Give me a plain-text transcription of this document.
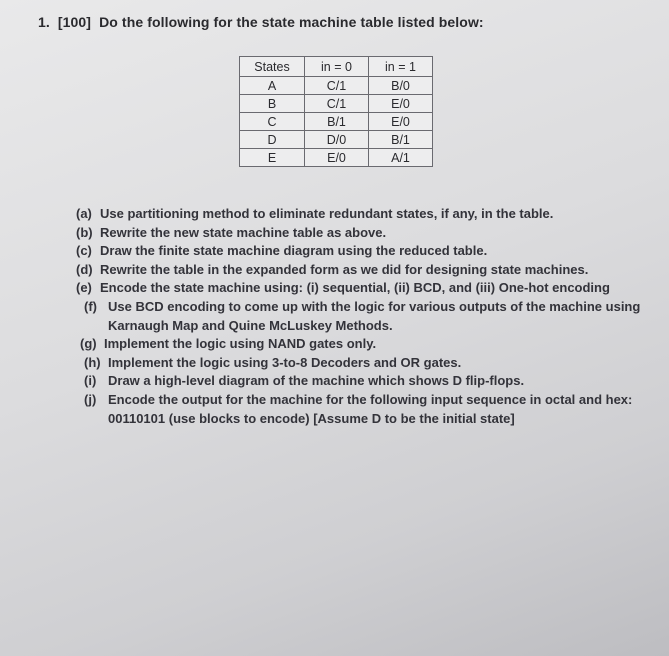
1. [100] Do the following for the state machine table listed below:
States	in = 0	in = 1
A	C/1	B/0
B	C/1	E/0
C	B/1	E/0
D	D/0	B/1
E	E/0	A/1
(a) Use partitioning method to eliminate redundant states, if any, in the table.
(b) Rewrite the new state machine table as above.
(c) Draw the finite state machine diagram using the reduced table.
(d) Rewrite the table in the expanded form as we did for designing state machines.
(e) Encode the state machine using: (i) sequential, (ii) BCD, and (iii) One-hot encoding
(f) Use BCD encoding to come up with the logic for various outputs of the machine using Karnaugh Map and Quine McLuskey Methods.
(g) Implement the logic using NAND gates only.
(h) Implement the logic using 3-to-8 Decoders and OR gates.
(i) Draw a high-level diagram of the machine which shows D flip-flops.
(j) Encode the output for the machine for the following input sequence in octal and hex: 00110101 (use blocks to encode) [Assume D to be the initial state]
